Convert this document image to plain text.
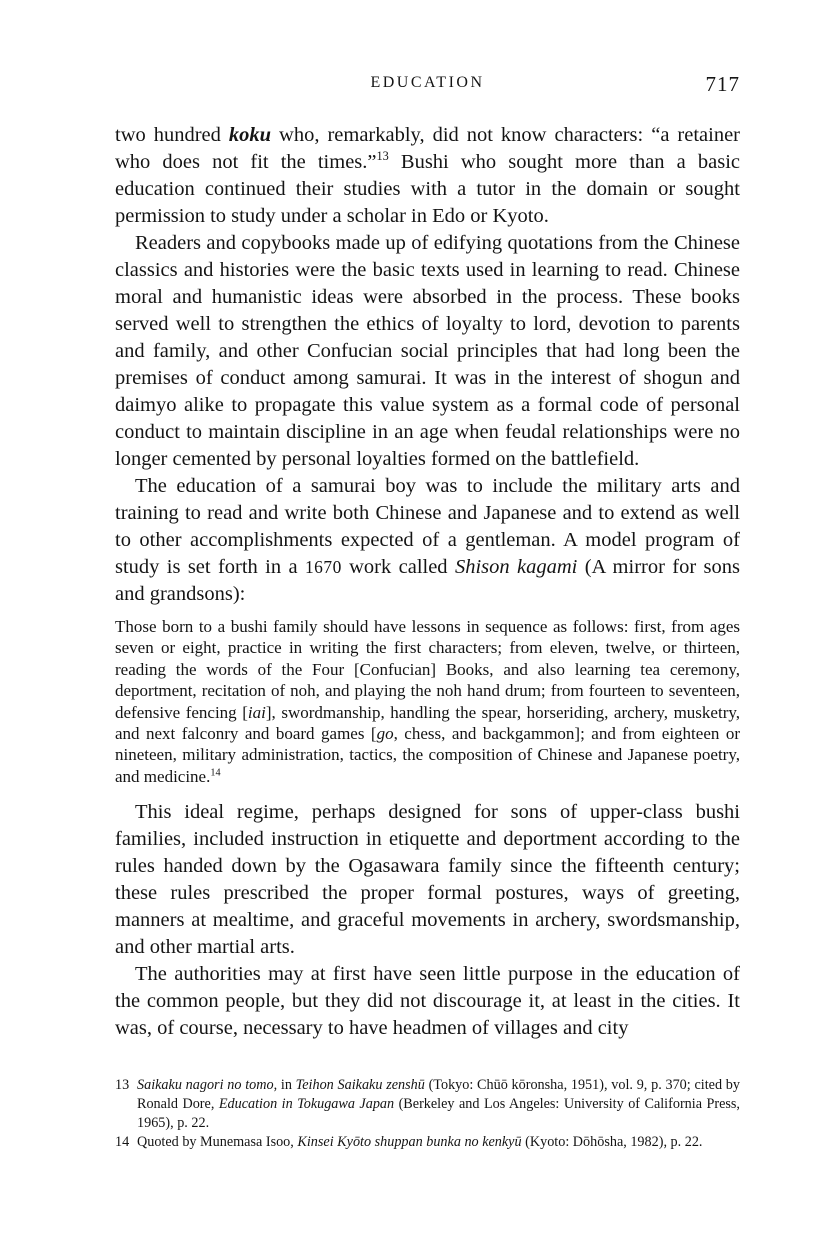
EDUCATION	717

two hundred koku who, remarkably, did not know characters: “a retainer who does not fit the times.”$^{13}$ Bushi who sought more than a basic education continued their studies with a tutor in the domain or sought permission to study under a scholar in Edo or Kyoto.

Readers and copybooks made up of edifying quotations from the Chinese classics and histories were the basic texts used in learning to read. Chinese moral and humanistic ideas were absorbed in the process. These books served well to strengthen the ethics of loyalty to lord, devotion to parents and family, and other Confucian social principles that had long been the premises of conduct among samurai. It was in the interest of shogun and daimyo alike to propagate this value system as a formal code of personal conduct to maintain discipline in an age when feudal relationships were no longer cemented by personal loyalties formed on the battlefield.

The education of a samurai boy was to include the military arts and training to read and write both Chinese and Japanese and to extend as well to other accomplishments expected of a gentleman. A model program of study is set forth in a 1670 work called Shison kagami (A mirror for sons and grandsons):

Those born to a bushi family should have lessons in sequence as follows: first, from ages seven or eight, practice in writing the first characters; from eleven, twelve, or thirteen, reading the words of the Four [Confucian] Books, and also learning tea ceremony, deportment, recitation of noh, and playing the noh hand drum; from fourteen to seventeen, defensive fencing [iai], swordmanship, handling the spear, horseriding, archery, musketry, and next falconry and board games [go, chess, and backgammon]; and from eighteen or nineteen, military administration, tactics, the composition of Chinese and Japanese poetry, and medicine.$^{14}$

This ideal regime, perhaps designed for sons of upper-class bushi families, included instruction in etiquette and deportment according to the rules handed down by the Ogasawara family since the fifteenth century; these rules prescribed the proper formal postures, ways of greeting, manners at mealtime, and graceful movements in archery, swordsmanship, and other martial arts.

The authorities may at first have seen little purpose in the education of the common people, but they did not discourage it, at least in the cities. It was, of course, necessary to have headmen of villages and city

13 Saikaku nagori no tomo, in Teihon Saikaku zenshū (Tokyo: Chūō kōronsha, 1951), vol. 9, p. 370; cited by Ronald Dore, Education in Tokugawa Japan (Berkeley and Los Angeles: University of California Press, 1965), p. 22.

14 Quoted by Munemasa Isoo, Kinsei Kyōto shuppan bunka no kenkyū (Kyoto: Dōhōsha, 1982), p. 22.
